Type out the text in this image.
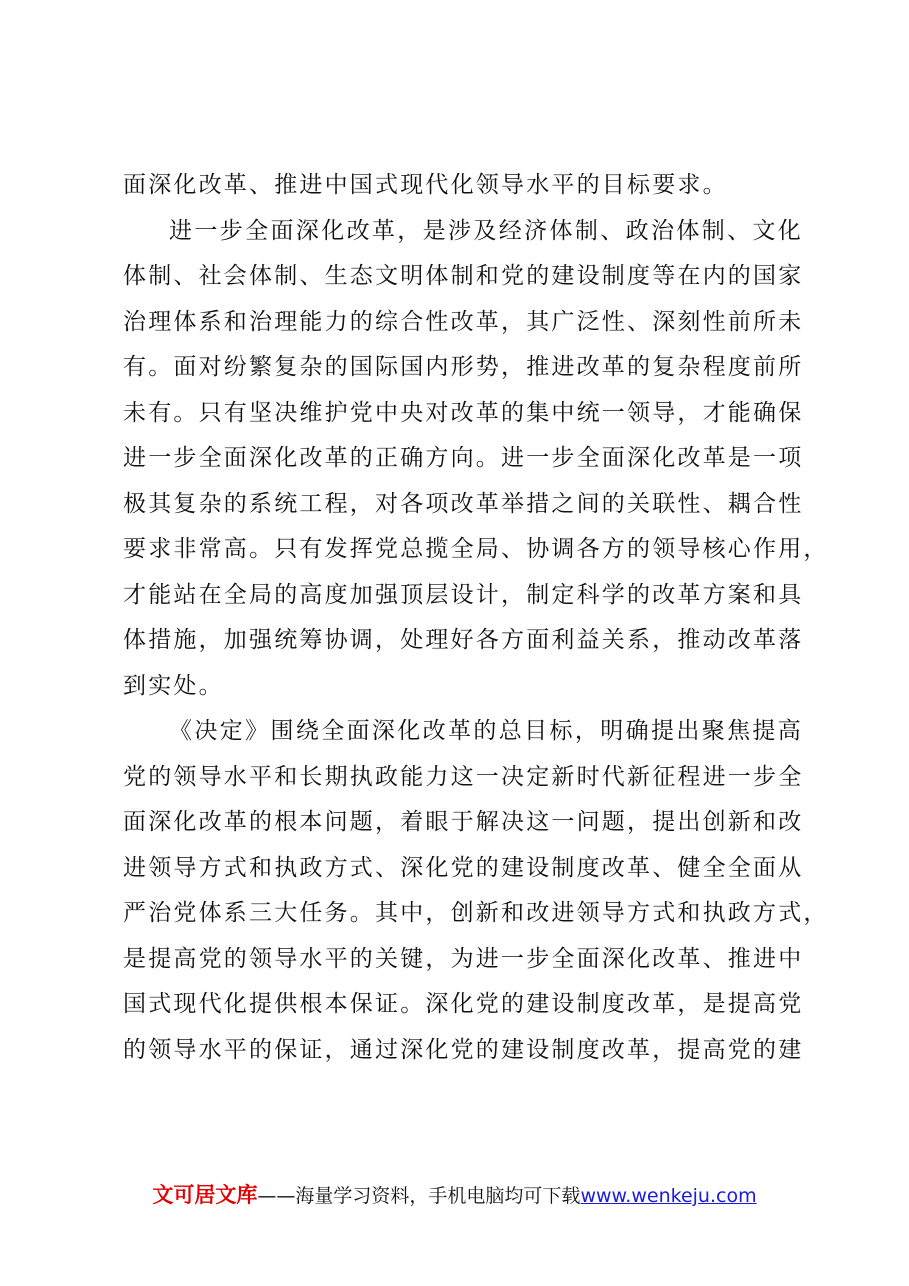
面深化改革、推进中国式现代化领导水平的目标要求。
进一步全面深化改革，是涉及经济体制、政治体制、文化
体制、社会体制、生态文明体制和党的建设制度等在内的国家
治理体系和治理能力的综合性改革，其广泛性、深刻性前所未
有。面对纷繁复杂的国际国内形势，推进改革的复杂程度前所
未有。只有坚决维护党中央对改革的集中统一领导，才能确保
进一步全面深化改革的正确方向。进一步全面深化改革是一项
极其复杂的系统工程，对各项改革举措之间的关联性、耦合性
要求非常高。只有发挥党总揽全局、协调各方的领导核心作用，
才能站在全局的高度加强顶层设计，制定科学的改革方案和具
体措施，加强统筹协调，处理好各方面利益关系，推动改革落
到实处。
《决定》围绕全面深化改革的总目标，明确提出聚焦提高
党的领导水平和长期执政能力这一决定新时代新征程进一步全
面深化改革的根本问题，着眼于解决这一问题，提出创新和改
进领导方式和执政方式、深化党的建设制度改革、健全全面从
严治党体系三大任务。其中，创新和改进领导方式和执政方式，
是提高党的领导水平的关键，为进一步全面深化改革、推进中
国式现代化提供根本保证。深化党的建设制度改革，是提高党
的领导水平的保证，通过深化党的建设制度改革，提高党的建
文可居文库——海量学习资料，手机电脑均可下载www.wenkeju.com
